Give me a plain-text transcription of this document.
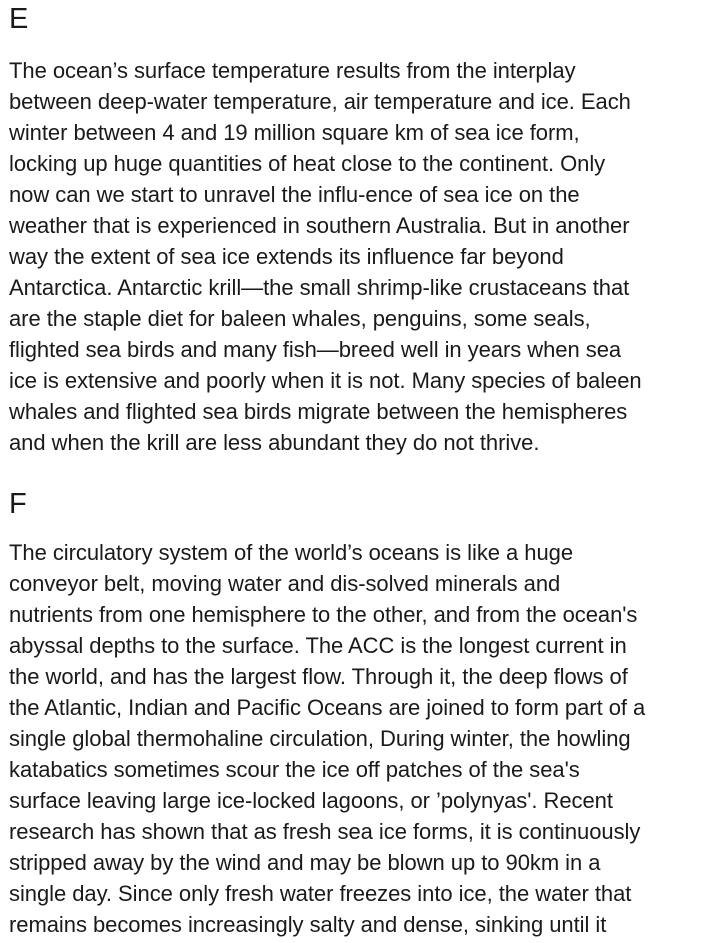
E

The ocean’s surface temperature results from the interplay
between deep-water temperature, air temperature and ice. Each
winter between 4 and 19 million square km of sea ice form,
locking up huge quantities of heat close to the continent. Only
now can we start to unravel the influ-ence of sea ice on the
weather that is experienced in southern Australia. But in another
way the extent of sea ice extends its influence far beyond
Antarctica. Antarctic krill—the small shrimp-like crustaceans that
are the staple diet for baleen whales, penguins, some seals,
flighted sea birds and many fish—breed well in years when sea
ice is extensive and poorly when it is not. Many species of baleen
whales and flighted sea birds migrate between the hemispheres
and when the krill are less abundant they do not thrive.

F

The circulatory system of the world’s oceans is like a huge
conveyor belt, moving water and dis-solved minerals and
nutrients from one hemisphere to the other, and from the ocean's
abyssal depths to the surface. The ACC is the longest current in
the world, and has the largest flow. Through it, the deep flows of
the Atlantic, Indian and Pacific Oceans are joined to form part of a
single global thermohaline circulation, During winter, the howling
katabatics sometimes scour the ice off patches of the sea's
surface leaving large ice-locked lagoons, or ’polynyas'. Recent
research has shown that as fresh sea ice forms, it is continuously
stripped away by the wind and may be blown up to 90km in a
single day. Since only fresh water freezes into ice, the water that
remains becomes increasingly salty and dense, sinking until it
